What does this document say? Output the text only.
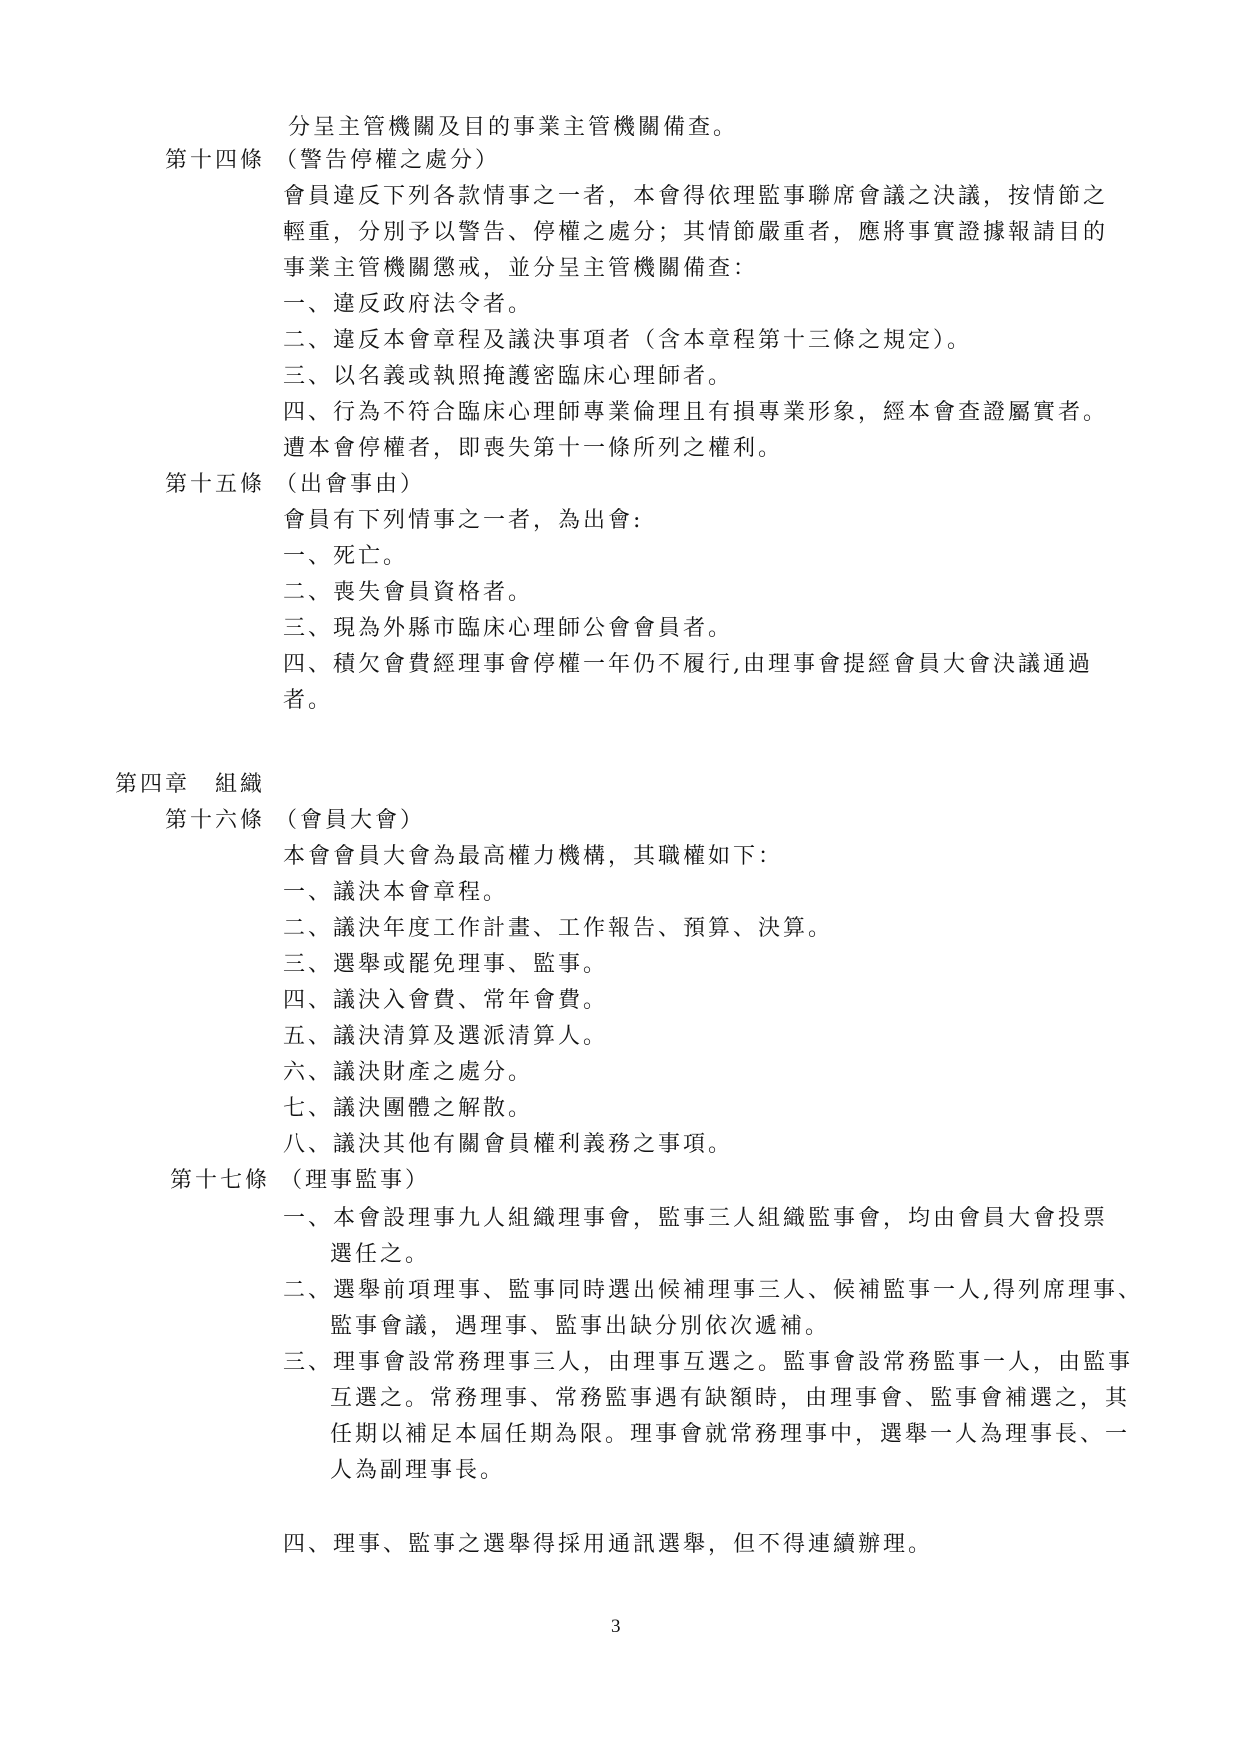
分呈主管機關及目的事業主管機關備查。
第十四條 （警告停權之處分）
會員違反下列各款情事之一者，本會得依理監事聯席會議之決議，按情節之
輕重，分別予以警告、停權之處分；其情節嚴重者，應將事實證據報請目的
事業主管機關懲戒，並分呈主管機關備查：
一、違反政府法令者。
二、違反本會章程及議決事項者（含本章程第十三條之規定）。
三、以名義或執照掩護密臨床心理師者。
四、行為不符合臨床心理師專業倫理且有損專業形象，經本會查證屬實者。
遭本會停權者，即喪失第十一條所列之權利。
第十五條 （出會事由）
會員有下列情事之一者，為出會:
一、死亡。
二、喪失會員資格者。
三、現為外縣市臨床心理師公會會員者。
四、積欠會費經理事會停權一年仍不履行,由理事會提經會員大會決議通過
者。
第四章　組織
第十六條 （會員大會）
本會會員大會為最高權力機構，其職權如下：
一、議決本會章程。
二、議決年度工作計畫、工作報告、預算、決算。
三、選舉或罷免理事、監事。
四、議決入會費、常年會費。
五、議決清算及選派清算人。
六、議決財產之處分。
七、議決團體之解散。
八、議決其他有關會員權利義務之事項。
第十七條 （理事監事）
一、本會設理事九人組織理事會，監事三人組織監事會，均由會員大會投票
選任之。
二、選舉前項理事、監事同時選出候補理事三人、候補監事一人,得列席理事、
監事會議，遇理事、監事出缺分別依次遞補。
三、理事會設常務理事三人，由理事互選之。監事會設常務監事一人，由監事
互選之。常務理事、常務監事遇有缺額時，由理事會、監事會補選之，其
任期以補足本屆任期為限。理事會就常務理事中，選舉一人為理事長、一
人為副理事長。
四、理事、監事之選舉得採用通訊選舉，但不得連續辦理。
3
